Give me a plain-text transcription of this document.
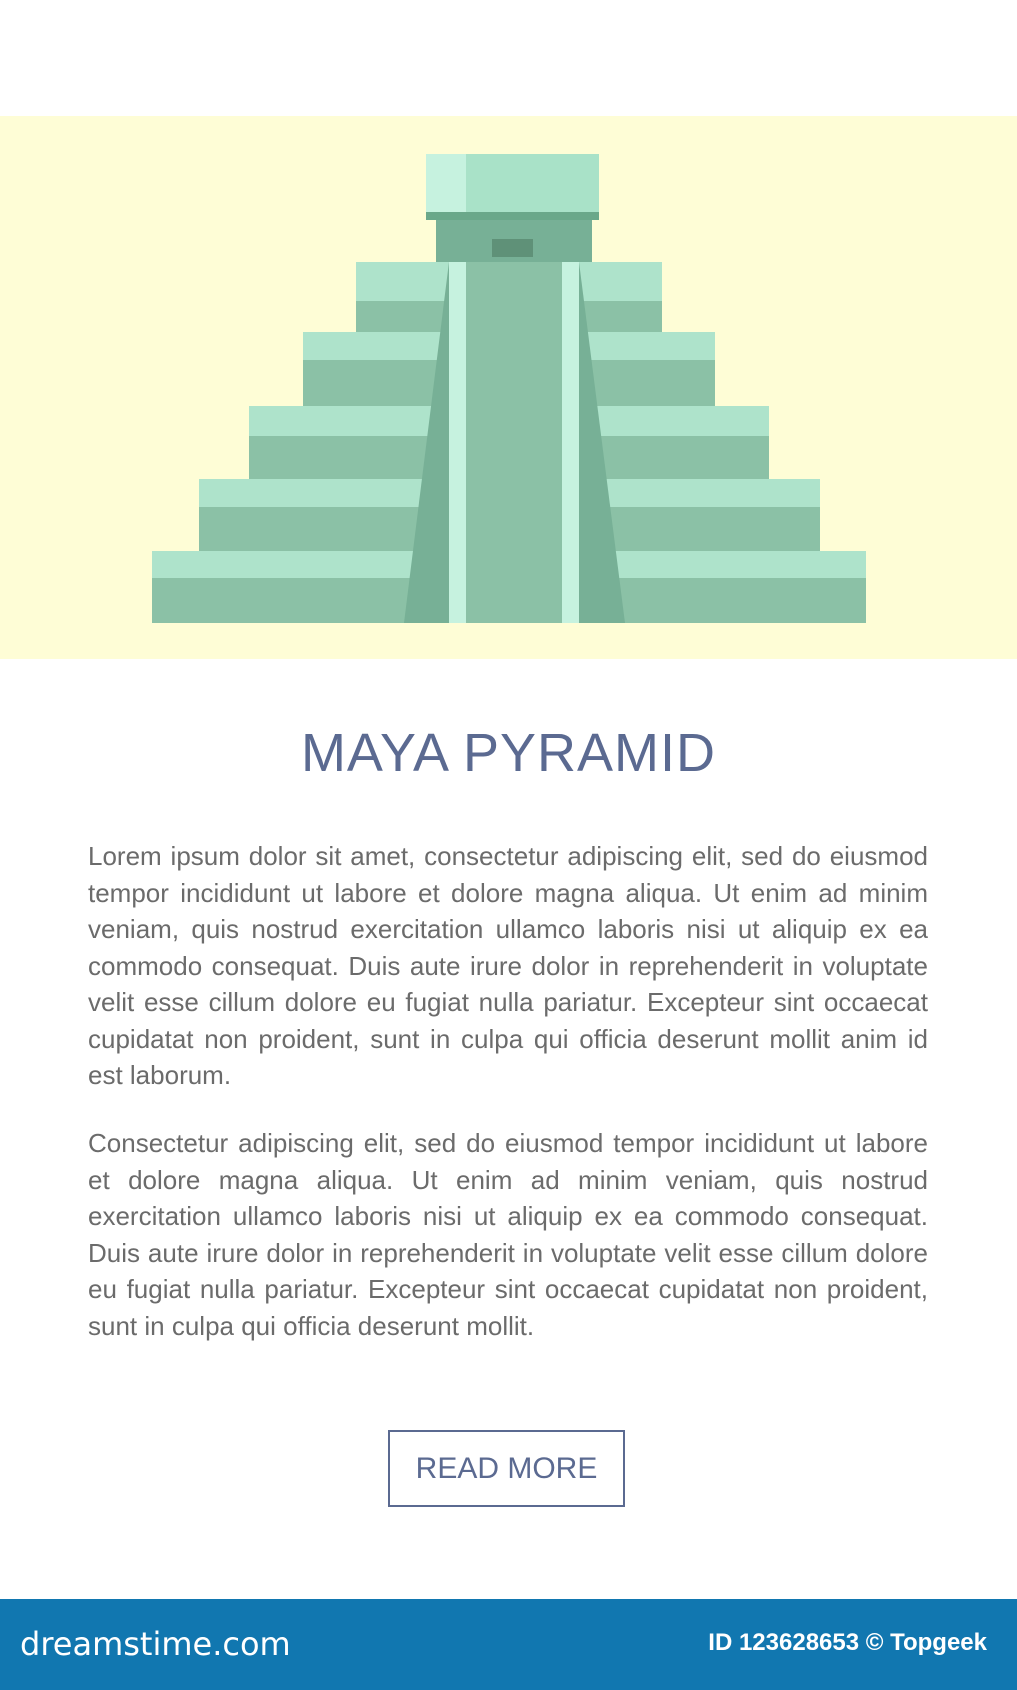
MAYA PYRAMID

Lorem ipsum dolor sit amet, consectetur adipiscing elit, sed do eiusmod tempor incididunt ut labore et dolore magna aliqua. Ut enim ad minim veniam, quis nostrud exercitation ullamco laboris nisi ut aliquip ex ea commodo consequat. Duis aute irure dolor in reprehenderit in voluptate velit esse cillum dolore eu fugiat nulla pariatur. Excepteur sint occaecat cupidatat non proident, sunt in culpa qui officia deserunt mollit anim id est laborum.

Consectetur adipiscing elit, sed do eiusmod tempor incididunt ut labore et dolore magna aliqua. Ut enim ad minim veniam, quis nostrud exercitation ullamco laboris nisi ut aliquip ex ea commodo consequat. Duis aute irure dolor in reprehenderit in voluptate velit esse cillum dolore eu fugiat nulla pariatur. Excepteur sint occaecat cupidatat non proident, sunt in culpa qui officia deserunt mollit.

READ MORE
dreamstime.com	ID 123628653 © Topgeek
